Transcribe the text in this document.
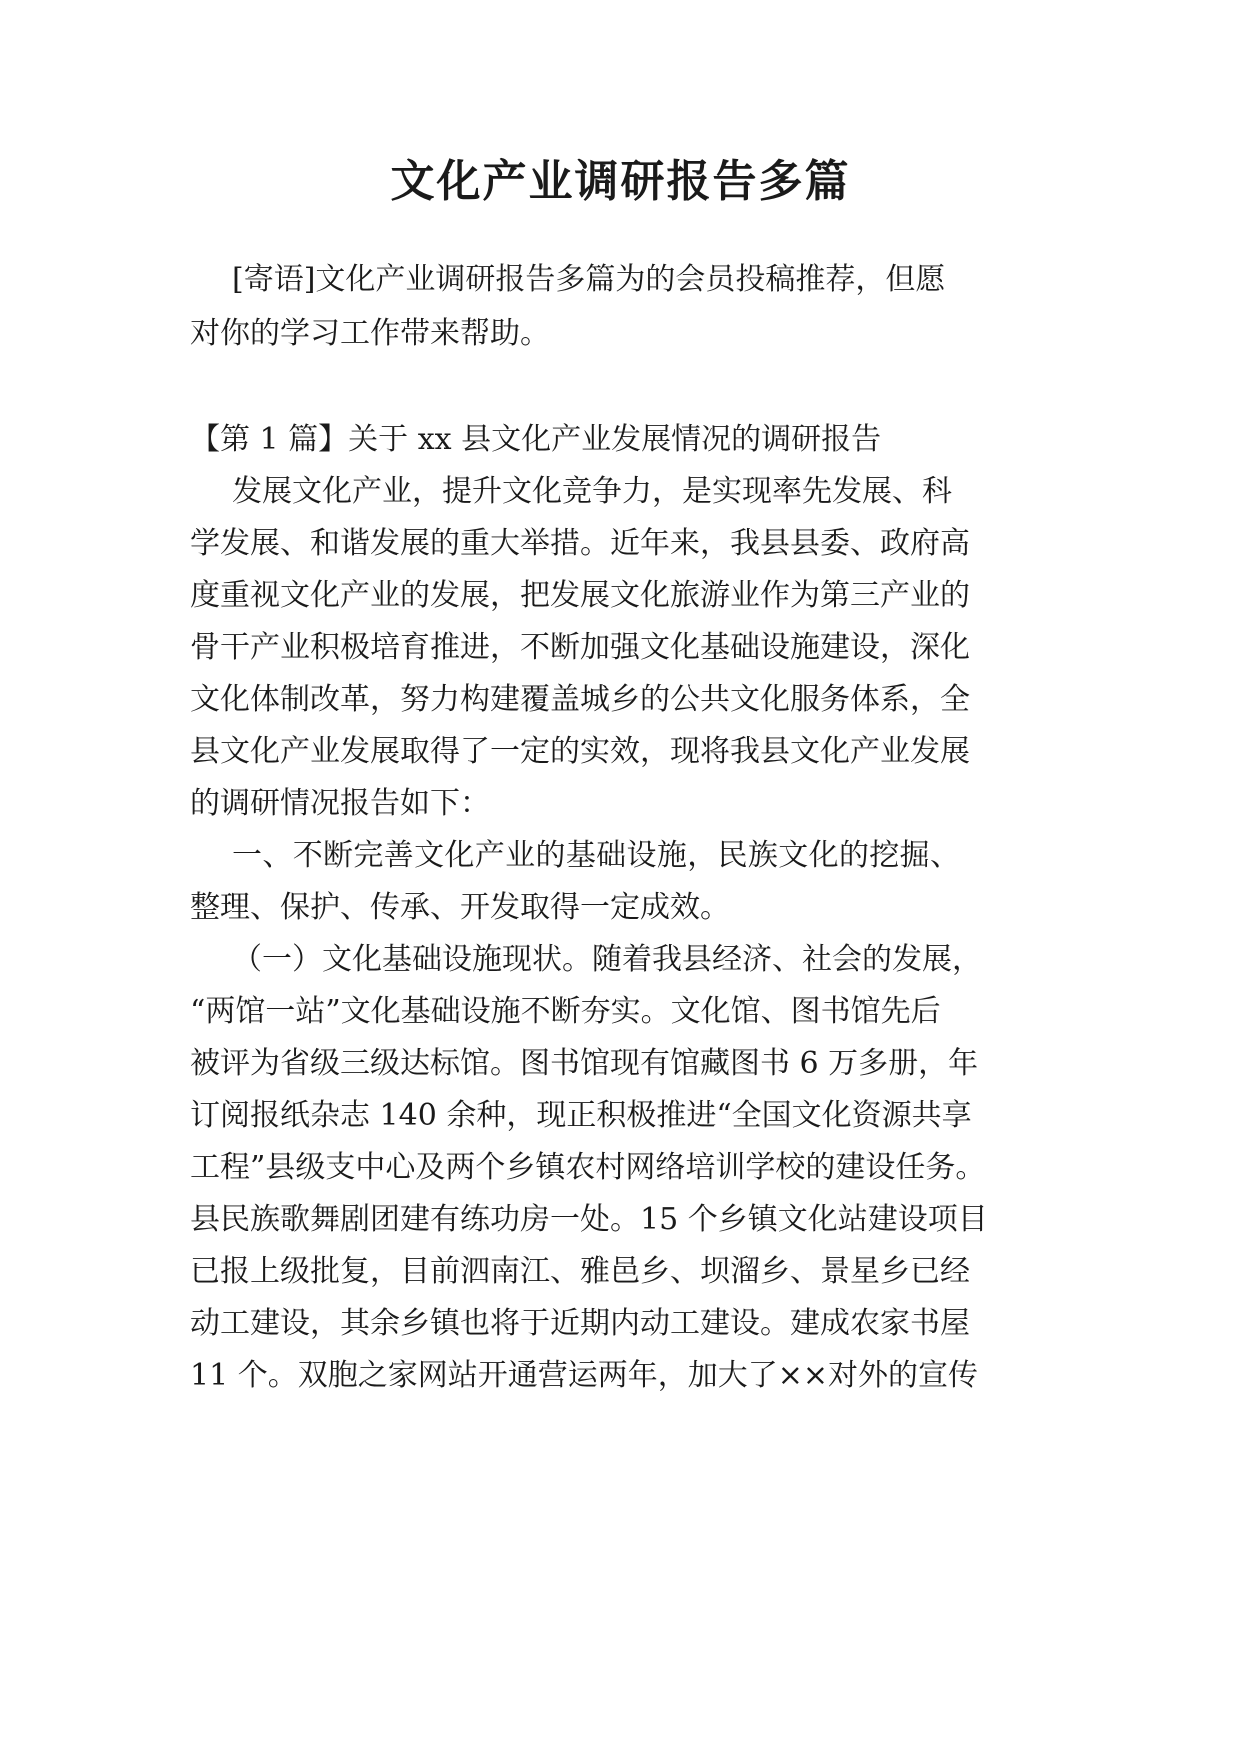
文化产业调研报告多篇

[寄语]文化产业调研报告多篇为的会员投稿推荐，但愿

对你的学习工作带来帮助。

【第 1 篇】关于 xx 县文化产业发展情况的调研报告

发展文化产业，提升文化竞争力，是实现率先发展、科

学发展、和谐发展的重大举措。近年来，我县县委、政府高

度重视文化产业的发展，把发展文化旅游业作为第三产业的

骨干产业积极培育推进，不断加强文化基础设施建设，深化

文化体制改革，努力构建覆盖城乡的公共文化服务体系，全

县文化产业发展取得了一定的实效，现将我县文化产业发展

的调研情况报告如下：

一、不断完善文化产业的基础设施，民族文化的挖掘、

整理、保护、传承、开发取得一定成效。

（一）文化基础设施现状。随着我县经济、社会的发展，

“两馆一站”文化基础设施不断夯实。文化馆、图书馆先后

被评为省级三级达标馆。图书馆现有馆藏图书 6 万多册，年

订阅报纸杂志 140 余种，现正积极推进“全国文化资源共享

工程”县级支中心及两个乡镇农村网络培训学校的建设任务。

县民族歌舞剧团建有练功房一处。15 个乡镇文化站建设项目

已报上级批复，目前泗南江、雅邑乡、坝溜乡、景星乡已经

动工建设，其余乡镇也将于近期内动工建设。建成农家书屋

11 个。双胞之家网站开通营运两年，加大了××对外的宣传
